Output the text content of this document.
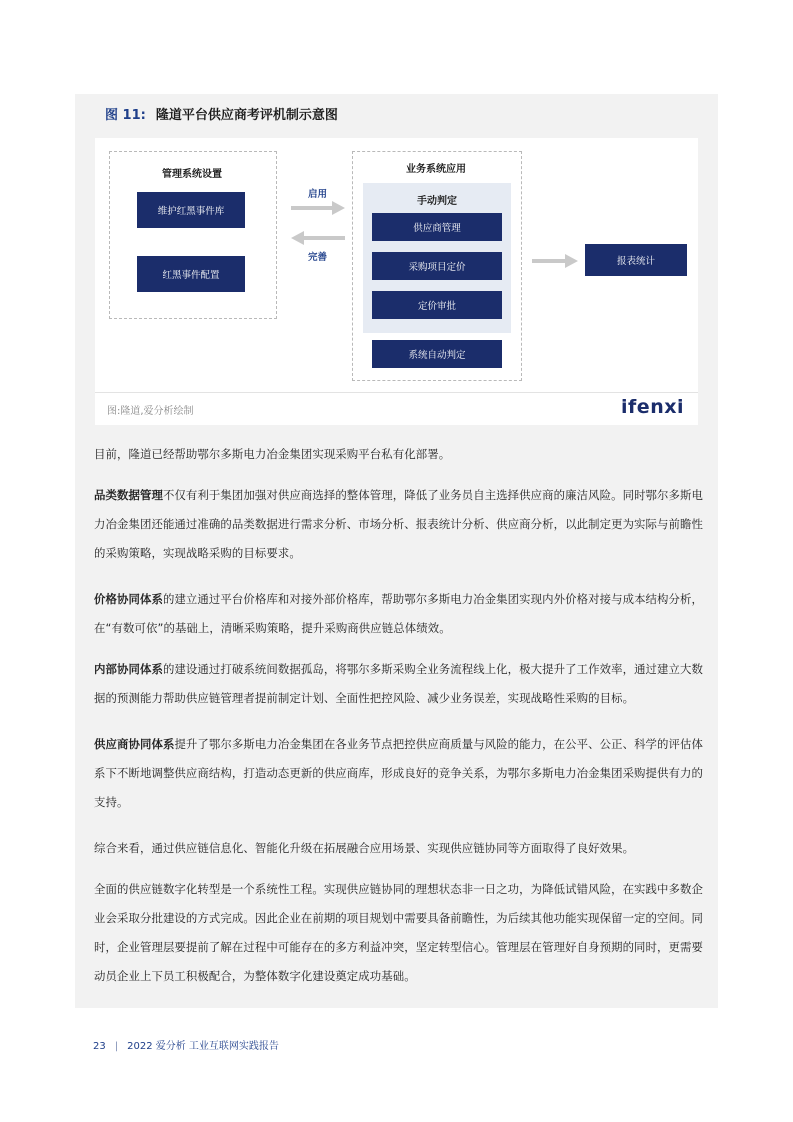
图 11: 隆道平台供应商考评机制示意图
管理系统设置
维护红黑事件库
红黑事件配置
启用
完善
业务系统应用
手动判定
供应商管理
采购项目定价
定价审批
系统自动判定
报表统计
图:隆道,爱分析绘制	ifenxi
目前，隆道已经帮助鄂尔多斯电力冶金集团实现采购平台私有化部署。
品类数据管理不仅有利于集团加强对供应商选择的整体管理，降低了业务员自主选择供应商的廉洁风险。同时鄂尔多斯电力冶金集团还能通过准确的品类数据进行需求分析、市场分析、报表统计分析、供应商分析，以此制定更为实际与前瞻性的采购策略，实现战略采购的目标要求。
价格协同体系的建立通过平台价格库和对接外部价格库，帮助鄂尔多斯电力冶金集团实现内外价格对接与成本结构分析，在“有数可依”的基础上，清晰采购策略，提升采购商供应链总体绩效。
内部协同体系的建设通过打破系统间数据孤岛，将鄂尔多斯采购全业务流程线上化，极大提升了工作效率，通过建立大数据的预测能力帮助供应链管理者提前制定计划、全面性把控风险、减少业务误差，实现战略性采购的目标。
供应商协同体系提升了鄂尔多斯电力冶金集团在各业务节点把控供应商质量与风险的能力，在公平、公正、科学的评估体系下不断地调整供应商结构，打造动态更新的供应商库，形成良好的竞争关系，为鄂尔多斯电力冶金集团采购提供有力的支持。
综合来看，通过供应链信息化、智能化升级在拓展融合应用场景、实现供应链协同等方面取得了良好效果。
全面的供应链数字化转型是一个系统性工程。实现供应链协同的理想状态非一日之功，为降低试错风险，在实践中多数企业会采取分批建设的方式完成。因此企业在前期的项目规划中需要具备前瞻性，为后续其他功能实现保留一定的空间。同时，企业管理层要提前了解在过程中可能存在的多方利益冲突，坚定转型信心。管理层在管理好自身预期的同时，更需要动员企业上下员工积极配合，为整体数字化建设奠定成功基础。
23 | 2022 爱分析 工业互联网实践报告
